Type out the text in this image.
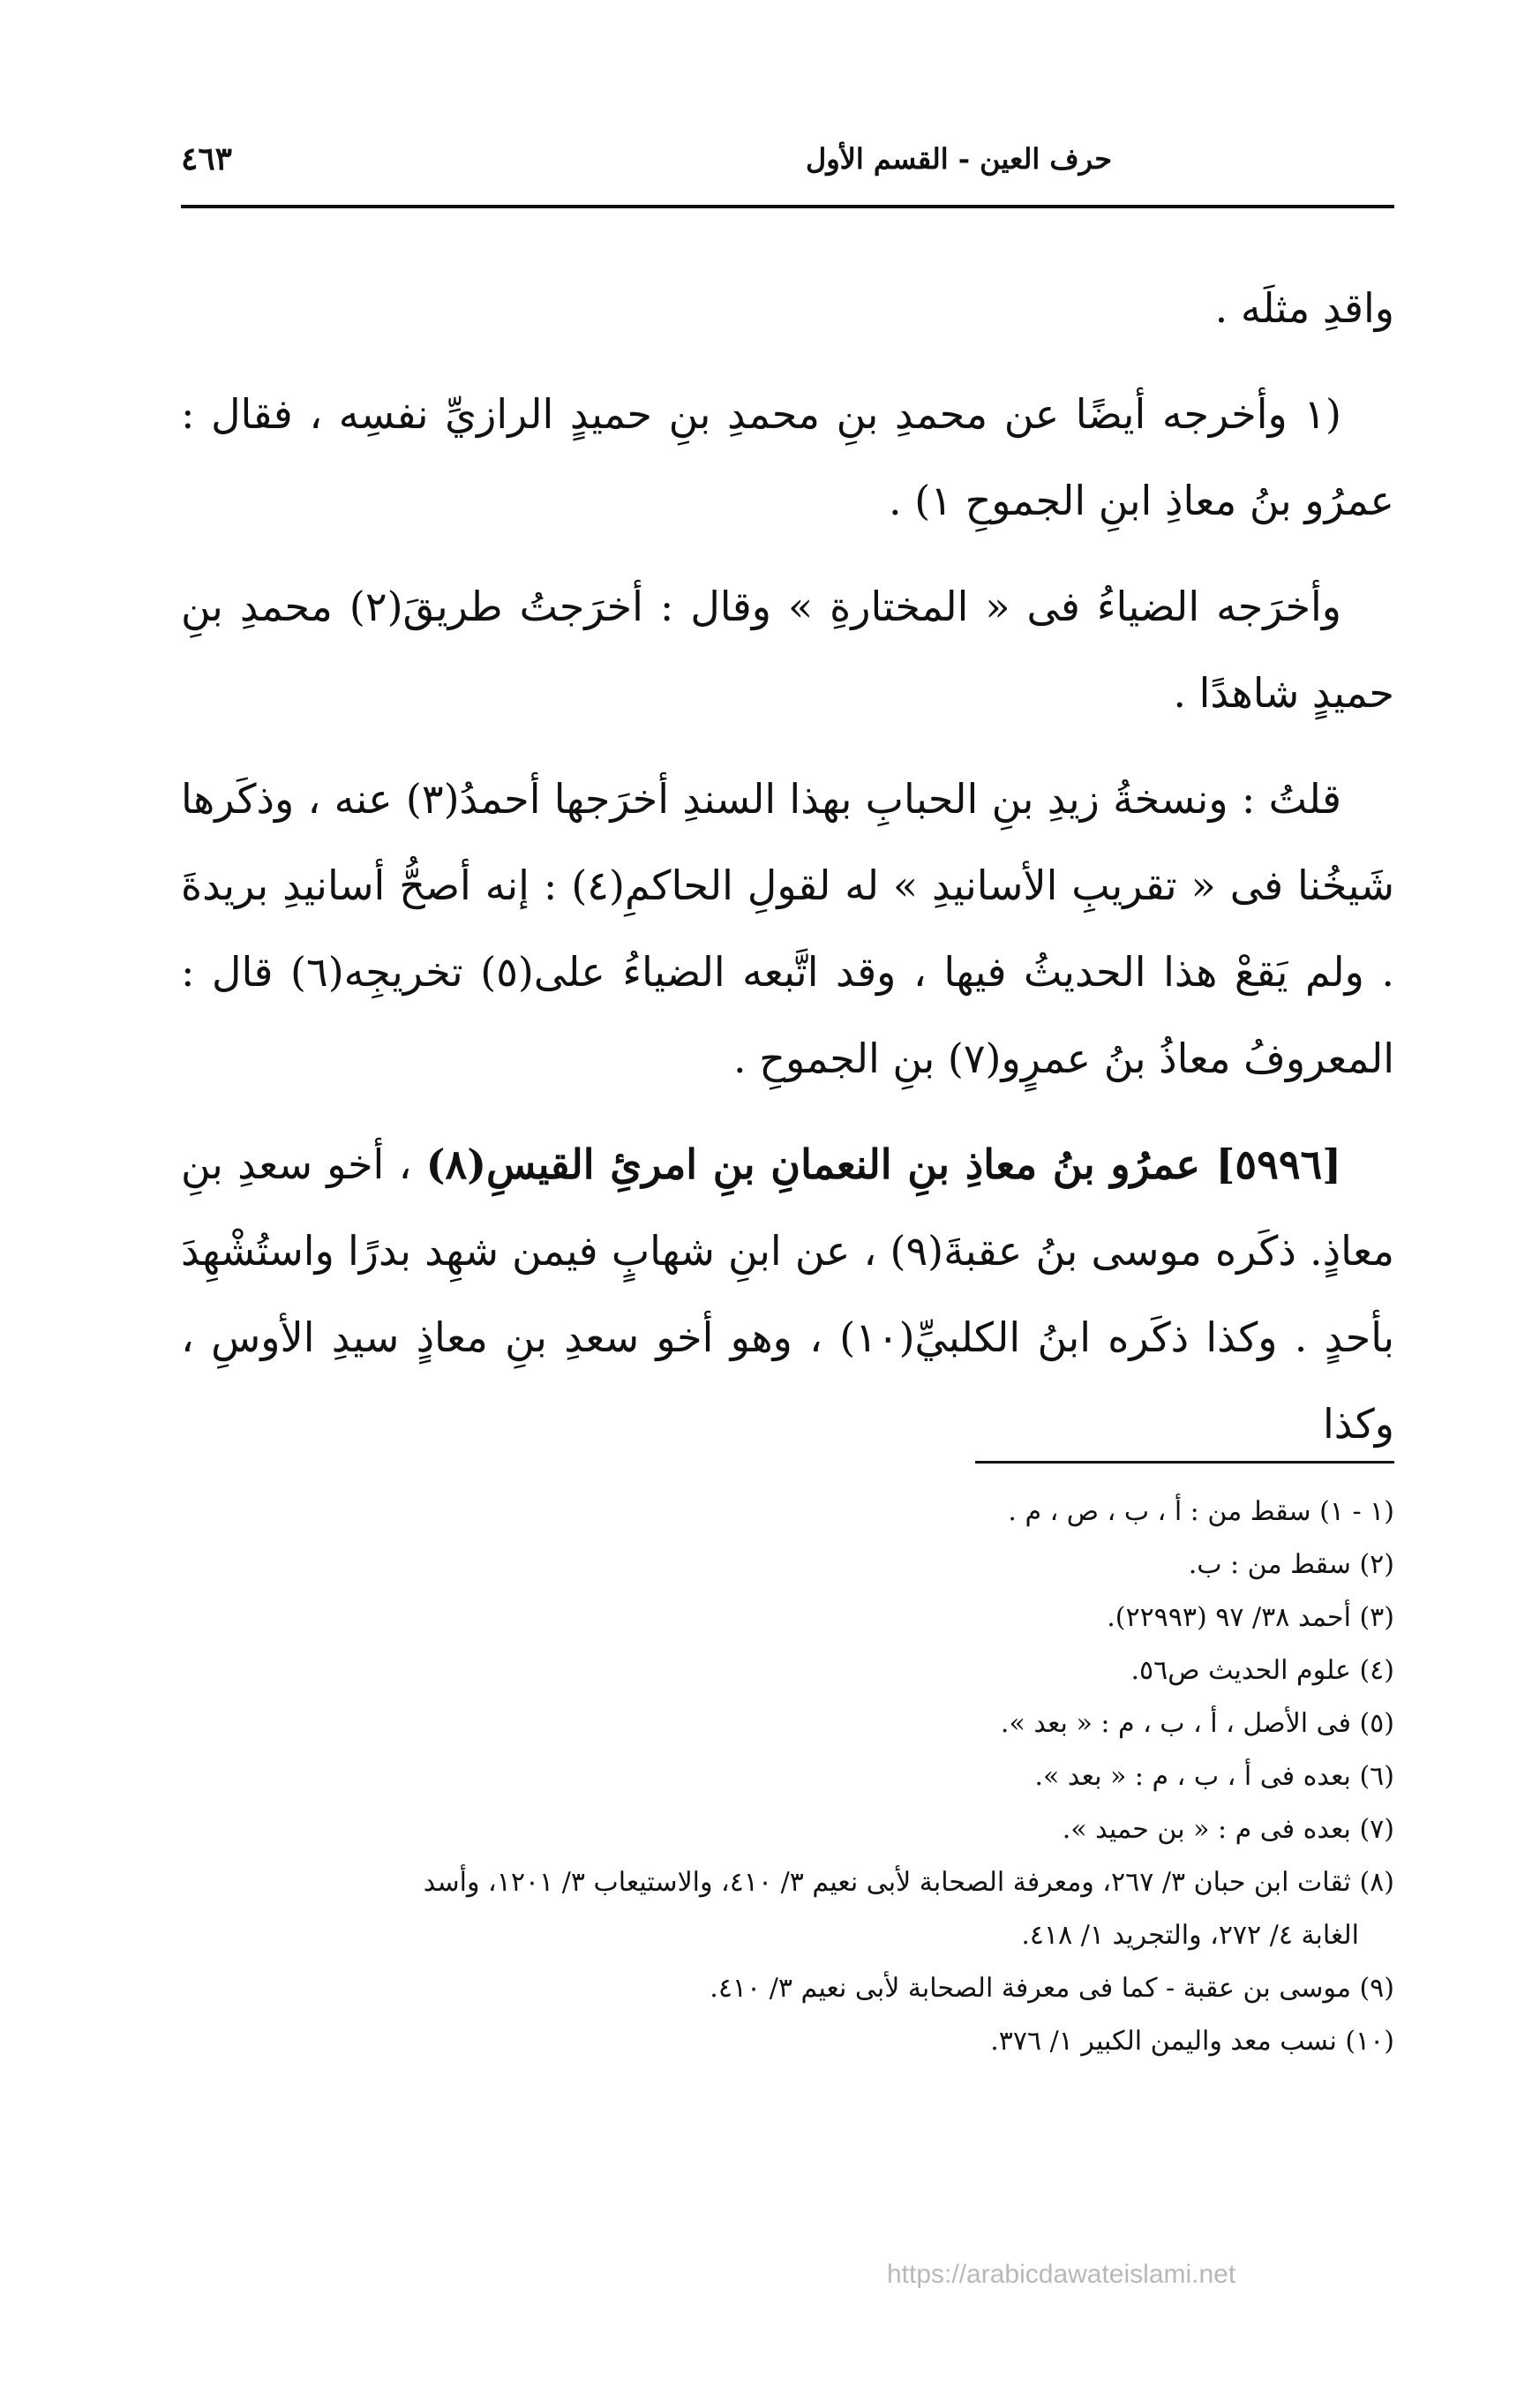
حرف العين - القسم الأول
٤٦٣

واقدِ مثلَه .

(١ وأخرجه أيضًا عن محمدِ بنِ محمدِ بنِ حميدٍ الرازيِّ نفسِه ، فقال : عمرُو بنُ معاذِ ابنِ الجموحِ ١) .

وأخرَجه الضياءُ فى « المختارةِ » وقال : أخرَجتُ طريقَ(٢) محمدِ بنِ حميدٍ شاهدًا .

قلتُ : ونسخةُ زيدِ بنِ الحبابِ بهذا السندِ أخرَجها أحمدُ(٣) عنه ، وذكَرها شَيخُنا فى « تقريبِ الأسانيدِ » له لقولِ الحاكمِ(٤) : إنه أصحُّ أسانيدِ بريدةَ . ولم يَقعْ هذا الحديثُ فيها ، وقد اتَّبعه الضياءُ على(٥) تخريجِه(٦) قال : المعروفُ معاذُ بنُ عمرٍو(٧) بنِ الجموحِ .

[٥٩٩٦] عمرُو بنُ معاذِ بنِ النعمانِ بنِ امرئِ القيسِ(٨) ، أخو سعدِ بنِ معاذٍ. ذكَره موسى بنُ عقبةَ(٩) ، عن ابنِ شهابٍ فيمن شهِد بدرًا واستُشْهِدَ بأحدٍ . وكذا ذكَره ابنُ الكلبيِّ(١٠) ، وهو أخو سعدِ بنِ معاذٍ سيدِ الأوسِ ، وكذا

(١ - ١) سقط من : أ ، ب ، ص ، م .
(٢) سقط من : ب.
(٣) أحمد ٣٨/ ٩٧ (٢٢٩٩٣).
(٤) علوم الحديث ص٥٦.
(٥) فى الأصل ، أ ، ب ، م : « بعد ».
(٦) بعده فى أ ، ب ، م : « بعد ».
(٧) بعده فى م : « بن حميد ».
(٨) ثقات ابن حبان ٣/ ٢٦٧، ومعرفة الصحابة لأبى نعيم ٣/ ٤١٠، والاستيعاب ٣/ ١٢٠١، وأسد
الغابة ٤/ ٢٧٢، والتجريد ١/ ٤١٨.
(٩) موسى بن عقبة - كما فى معرفة الصحابة لأبى نعيم ٣/ ٤١٠.
(١٠) نسب معد واليمن الكبير ١/ ٣٧٦.
https://arabicdawateislami.net
